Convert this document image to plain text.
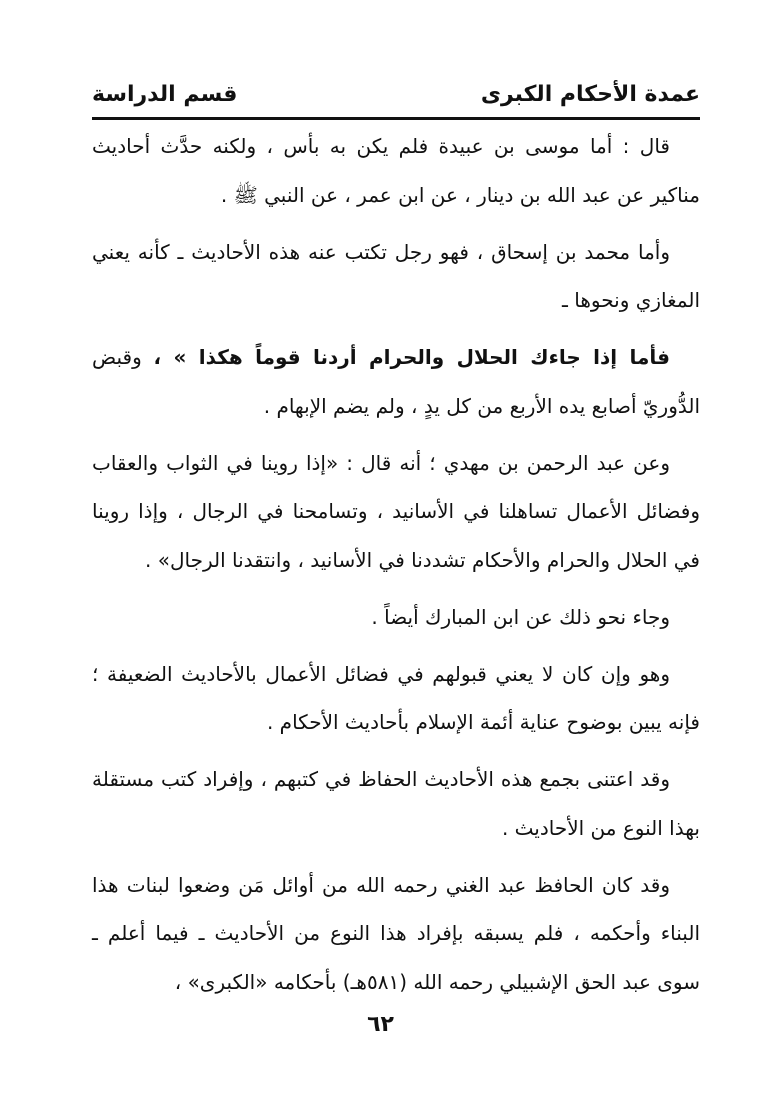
عمدة الأحكام الكبرى
قسم الدراسة

قال : أما موسى بن عبيدة فلم يكن به بأس ، ولكنه حدَّث أحاديث مناكير عن عبد الله بن دينار ، عن ابن عمر ، عن النبي ﷺ .

وأما محمد بن إسحاق ، فهو رجل تكتب عنه هذه الأحاديث ـ كأنه يعني المغازي ونحوها ـ

فأما إذا جاءك الحلال والحرام أردنا قوماً هكذا » ، وقبض الدُّوريّ أصابع يده الأربع من كل يدٍ ، ولم يضم الإبهام .

وعن عبد الرحمن بن مهدي ؛ أنه قال : «إذا روينا في الثواب والعقاب وفضائل الأعمال تساهلنا في الأسانيد ، وتسامحنا في الرجال ، وإذا روينا في الحلال والحرام والأحكام تشددنا في الأسانيد ، وانتقدنا الرجال» .

وجاء نحو ذلك عن ابن المبارك أيضاً .

وهو وإن كان لا يعني قبولهم في فضائل الأعمال بالأحاديث الضعيفة ؛ فإنه يبين بوضوح عناية أئمة الإسلام بأحاديث الأحكام .

وقد اعتنى بجمع هذه الأحاديث الحفاظ في كتبهم ، وإفراد كتب مستقلة بهذا النوع من الأحاديث .

وقد كان الحافظ عبد الغني رحمه الله من أوائل مَن وضعوا لبنات هذا البناء وأحكمه ، فلم يسبقه بإفراد هذا النوع من الأحاديث ـ فيما أعلم ـ سوى عبد الحق الإشبيلي رحمه الله (٥٨١هـ) بأحكامه «الكبرى» ،

٦٢
